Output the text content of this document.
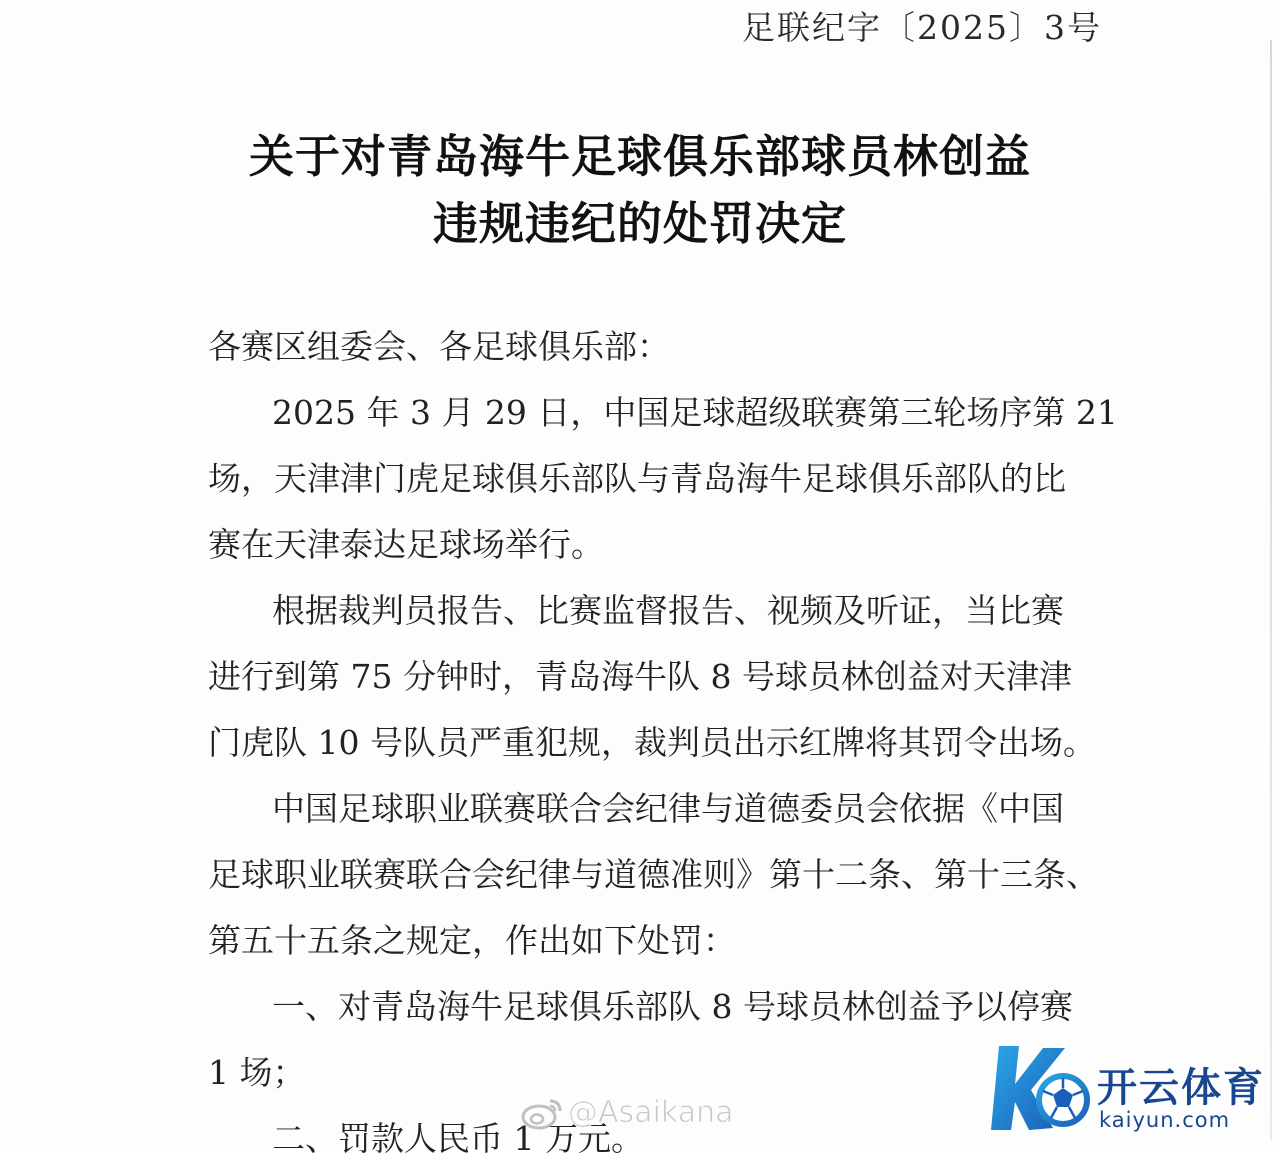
足联纪字〔2025〕3号
关于对青岛海牛足球俱乐部球员林创益
违规违纪的处罚决定
各赛区组委会、各足球俱乐部：
2025 年 3 月 29 日，中国足球超级联赛第三轮场序第 21
场，天津津门虎足球俱乐部队与青岛海牛足球俱乐部队的比
赛在天津泰达足球场举行。
根据裁判员报告、比赛监督报告、视频及听证，当比赛
进行到第 75 分钟时，青岛海牛队 8 号球员林创益对天津津
门虎队 10 号队员严重犯规，裁判员出示红牌将其罚令出场。
中国足球职业联赛联合会纪律与道德委员会依据《中国
足球职业联赛联合会纪律与道德准则》第十二条、第十三条、
第五十五条之规定，作出如下处罚：
一、对青岛海牛足球俱乐部队 8 号球员林创益予以停赛
1 场；
二、罚款人民币 1 万元。
@Asaikana
开云体育
kaiyun.com
